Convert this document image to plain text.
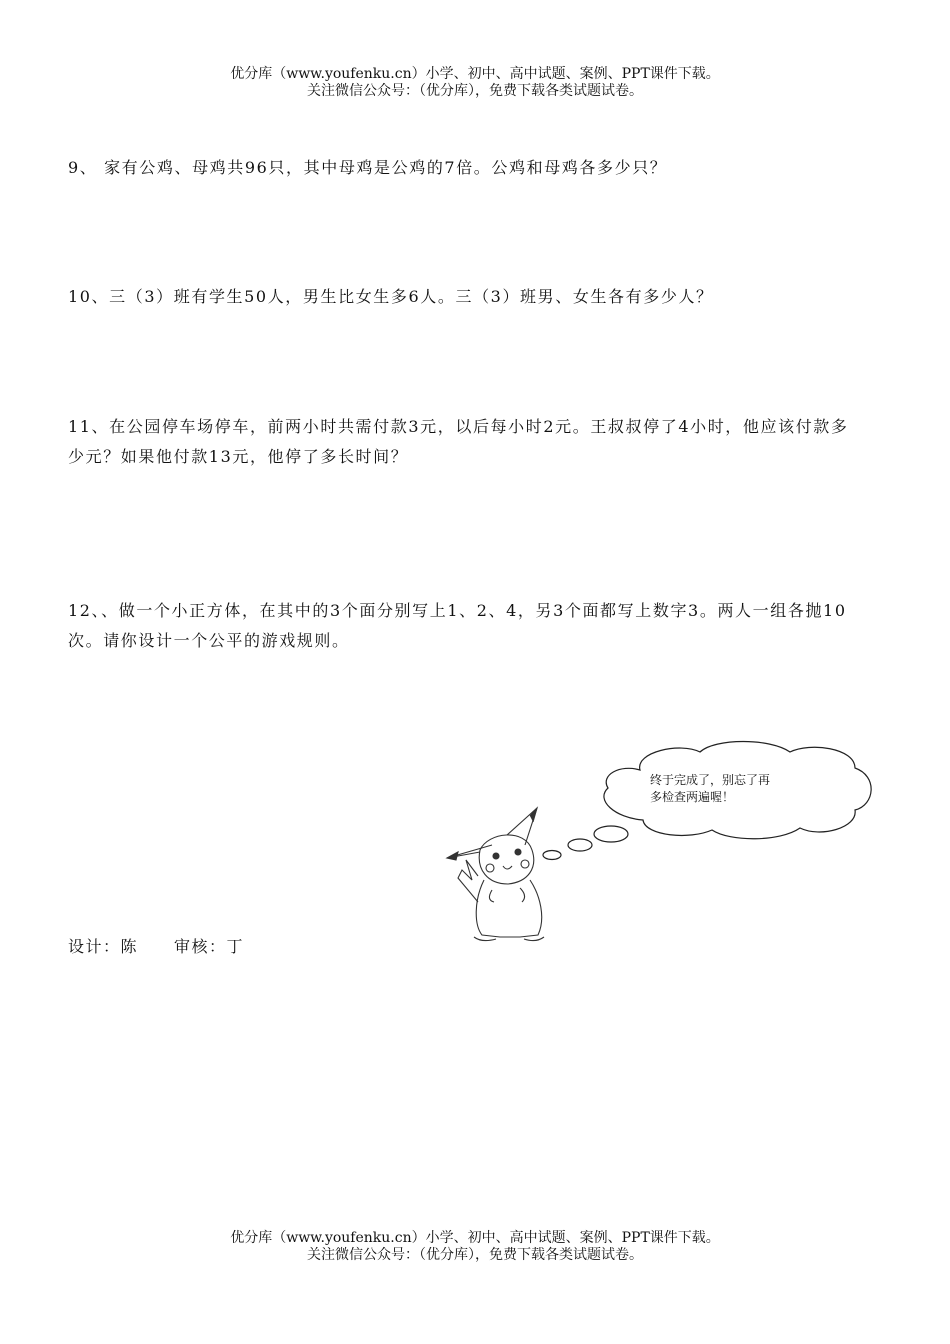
优分库（www.youfenku.cn）小学、初中、高中试题、案例、PPT课件下载。
关注微信公众号：（优分库），免费下载各类试题试卷。
9、 家有公鸡、母鸡共96只，其中母鸡是公鸡的7倍。公鸡和母鸡各多少只？
10、三（3）班有学生50人，男生比女生多6人。三（3）班男、女生各有多少人？
11、在公园停车场停车，前两小时共需付款3元，以后每小时2元。王叔叔停了4小时，他应该付款多少元？如果他付款13元，他停了多长时间？
12、、做一个小正方体，在其中的3个面分别写上1、2、4，另3个面都写上数字3。两人一组各抛10次。请你设计一个公平的游戏规则。
终于完成了，别忘了再
多检查两遍喔！
设计：陈 审核：丁
优分库（www.youfenku.cn）小学、初中、高中试题、案例、PPT课件下载。
关注微信公众号：（优分库），免费下载各类试题试卷。
